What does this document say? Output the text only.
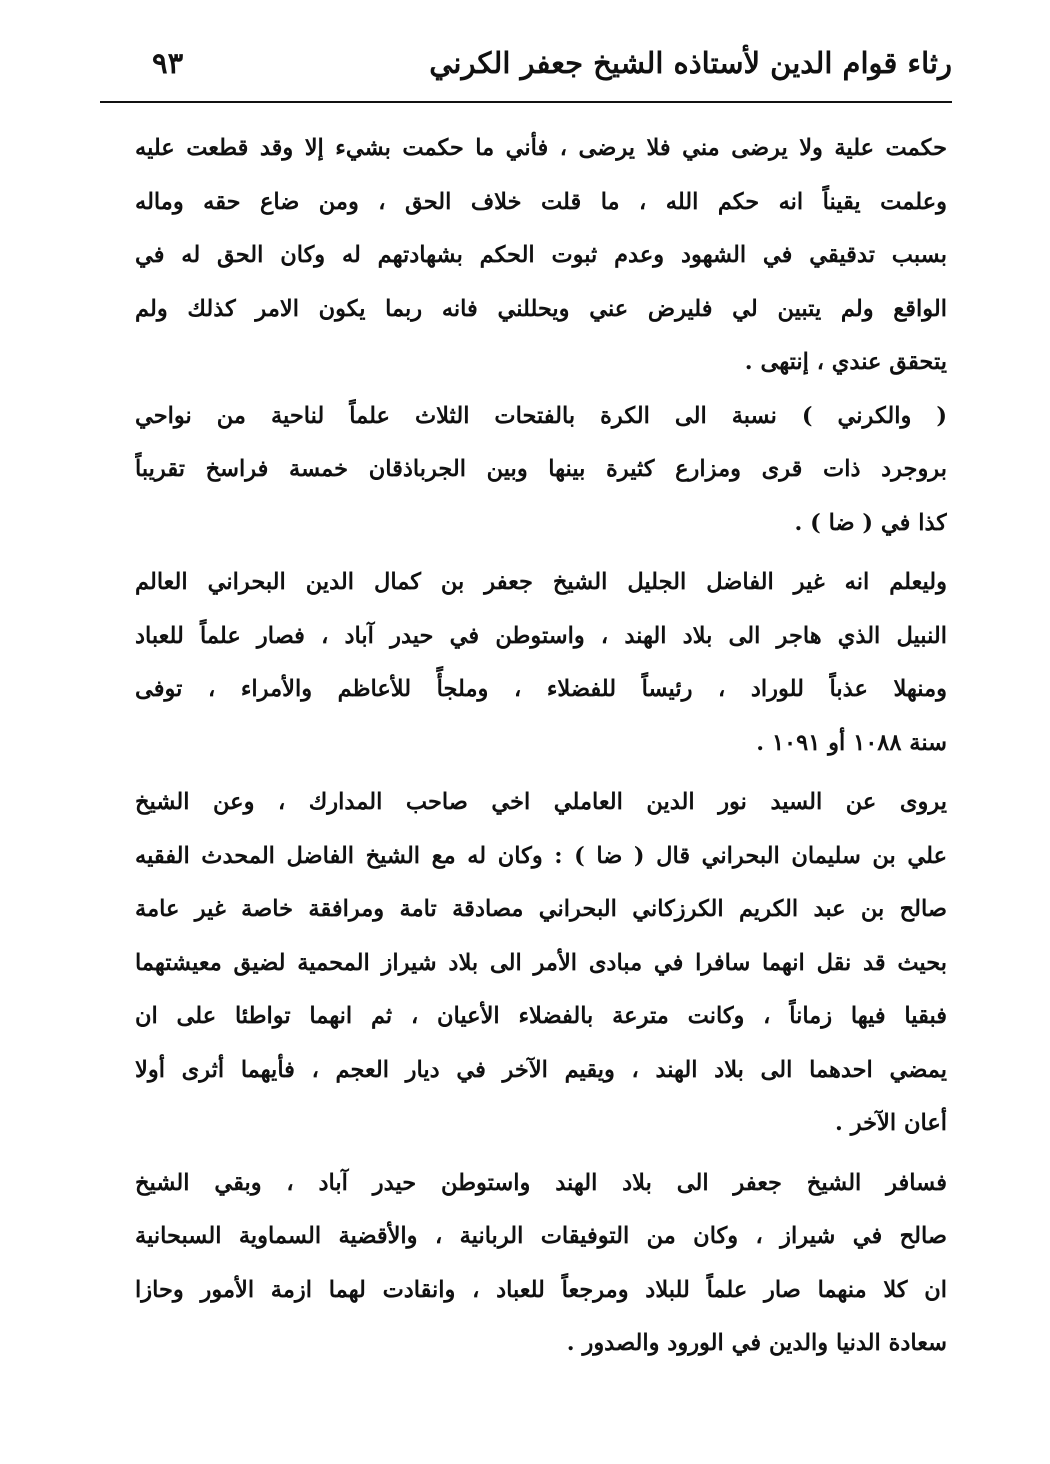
رثاء قوام الدين لأستاذه الشيخ جعفر الكرني
٩٣
حكمت علية ولا يرضى مني فلا يرضى ، فأني ما حكمت بشيء إلا وقد قطعت عليه
وعلمت يقيناً انه حكم الله ، ما قلت خلاف الحق ، ومن ضاع حقه وماله
بسبب تدقيقي في الشهود وعدم ثبوت الحكم بشهادتهم له وكان الحق له في
الواقع ولم يتبين لي فليرض عني ويحللني فانه ربما يكون الامر كذلك ولم
يتحقق عندي ، إنتهى .
( والكرني ) نسبة الى الكرة بالفتحات الثلاث علماً لناحية من نواحي
بروجرد ذات قرى ومزارع كثيرة بينها وبين الجرباذقان خمسة فراسخ تقريباً
كذا في ( ضا ) .
وليعلم انه غير الفاضل الجليل الشيخ جعفر بن كمال الدين البحراني العالم
النبيل الذي هاجر الى بلاد الهند ، واستوطن في حيدر آباد ، فصار علماً للعباد
ومنهلا عذباً للوراد ، رئيساً للفضلاء ، وملجأً للأعاظم والأمراء ، توفى
سنة ١٠٨٨ أو ١٠٩١ .
يروى عن السيد نور الدين العاملي اخي صاحب المدارك ، وعن الشيخ
علي بن سليمان البحراني قال ( ضا ) : وكان له مع الشيخ الفاضل المحدث الفقيه
صالح بن عبد الكريم الكرزكاني البحراني مصادقة تامة ومرافقة خاصة غير عامة
بحيث قد نقل انهما سافرا في مبادى الأمر الى بلاد شيراز المحمية لضيق معيشتهما
فبقيا فيها زماناً ، وكانت مترعة بالفضلاء الأعيان ، ثم انهما تواطئا على ان
يمضي احدهما الى بلاد الهند ، ويقيم الآخر في ديار العجم ، فأيهما أثرى أولا
أعان الآخر .
فسافر الشيخ جعفر الى بلاد الهند واستوطن حيدر آباد ، وبقي الشيخ
صالح في شيراز ، وكان من التوفيقات الربانية ، والأقضية السماوية السبحانية
ان كلا منهما صار علماً للبلاد ومرجعاً للعباد ، وانقادت لهما ازمة الأمور وحازا
سعادة الدنيا والدين في الورود والصدور .
